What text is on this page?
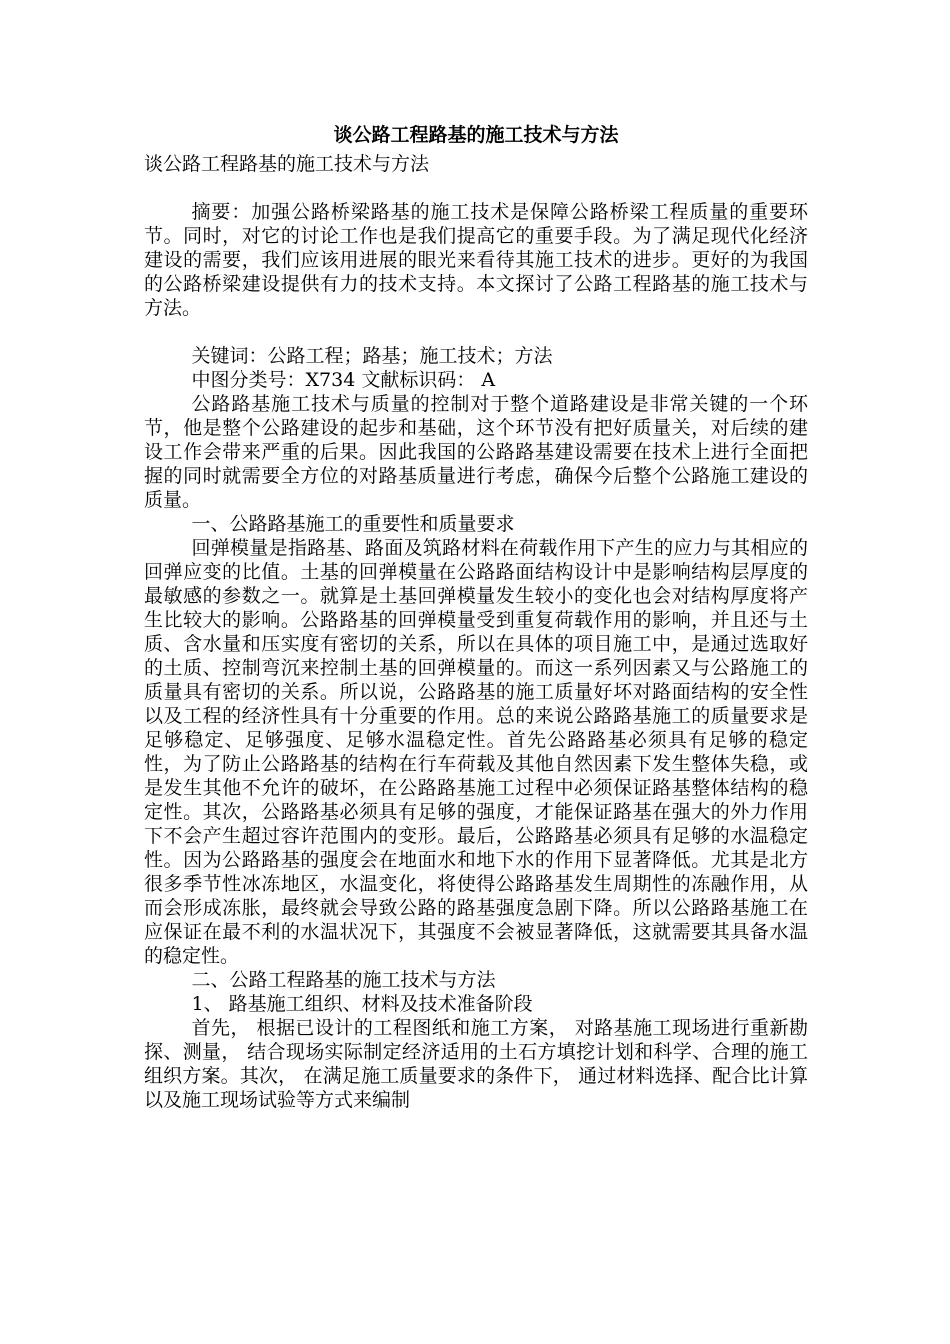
谈公路工程路基的施工技术与方法

谈公路工程路基的施工技术与方法

摘要：加强公路桥梁路基的施工技术是保障公路桥梁工程质量的重要环节。同时，对它的讨论工作也是我们提高它的重要手段。为了满足现代化经济建设的需要，我们应该用进展的眼光来看待其施工技术的进步。更好的为我国的公路桥梁建设提供有力的技术支持。本文探讨了公路工程路基的施工技术与方法。

关键词：公路工程；路基；施工技术；方法

中图分类号：X734 文献标识码： A

公路路基施工技术与质量的控制对于整个道路建设是非常关键的一个环节，他是整个公路建设的起步和基础，这个环节没有把好质量关，对后续的建设工作会带来严重的后果。因此我国的公路路基建设需要在技术上进行全面把握的同时就需要全方位的对路基质量进行考虑，确保今后整个公路施工建设的质量。

一、公路路基施工的重要性和质量要求

回弹模量是指路基、路面及筑路材料在荷载作用下产生的应力与其相应的回弹应变的比值。土基的回弹模量在公路路面结构设计中是影响结构层厚度的最敏感的参数之一。就算是土基回弹模量发生较小的变化也会对结构厚度将产生比较大的影响。公路路基的回弹模量受到重复荷载作用的影响，并且还与土质、含水量和压实度有密切的关系，所以在具体的项目施工中，是通过选取好的土质、控制弯沉来控制土基的回弹模量的。而这一系列因素又与公路施工的质量具有密切的关系。所以说，公路路基的施工质量好坏对路面结构的安全性以及工程的经济性具有十分重要的作用。总的来说公路路基施工的质量要求是足够稳定、足够强度、足够水温稳定性。首先公路路基必须具有足够的稳定性，为了防止公路路基的结构在行车荷载及其他自然因素下发生整体失稳，或是发生其他不允许的破坏，在公路路基施工过程中必须保证路基整体结构的稳定性。其次，公路路基必须具有足够的强度，才能保证路基在强大的外力作用下不会产生超过容许范围内的变形。最后，公路路基必须具有足够的水温稳定性。因为公路路基的强度会在地面水和地下水的作用下显著降低。尤其是北方很多季节性冰冻地区，水温变化，将使得公路路基发生周期性的冻融作用，从而会形成冻胀，最终就会导致公路的路基强度急剧下降。所以公路路基施工在应保证在最不利的水温状况下，其强度不会被显著降低，这就需要其具备水温的稳定性。

二、公路工程路基的施工技术与方法

1、 路基施工组织、材料及技术准备阶段

首先， 根据已设计的工程图纸和施工方案， 对路基施工现场进行重新勘探、测量， 结合现场实际制定经济适用的土石方填挖计划和科学、合理的施工组织方案。其次， 在满足施工质量要求的条件下， 通过材料选择、配合比计算以及施工现场试验等方式来编制
